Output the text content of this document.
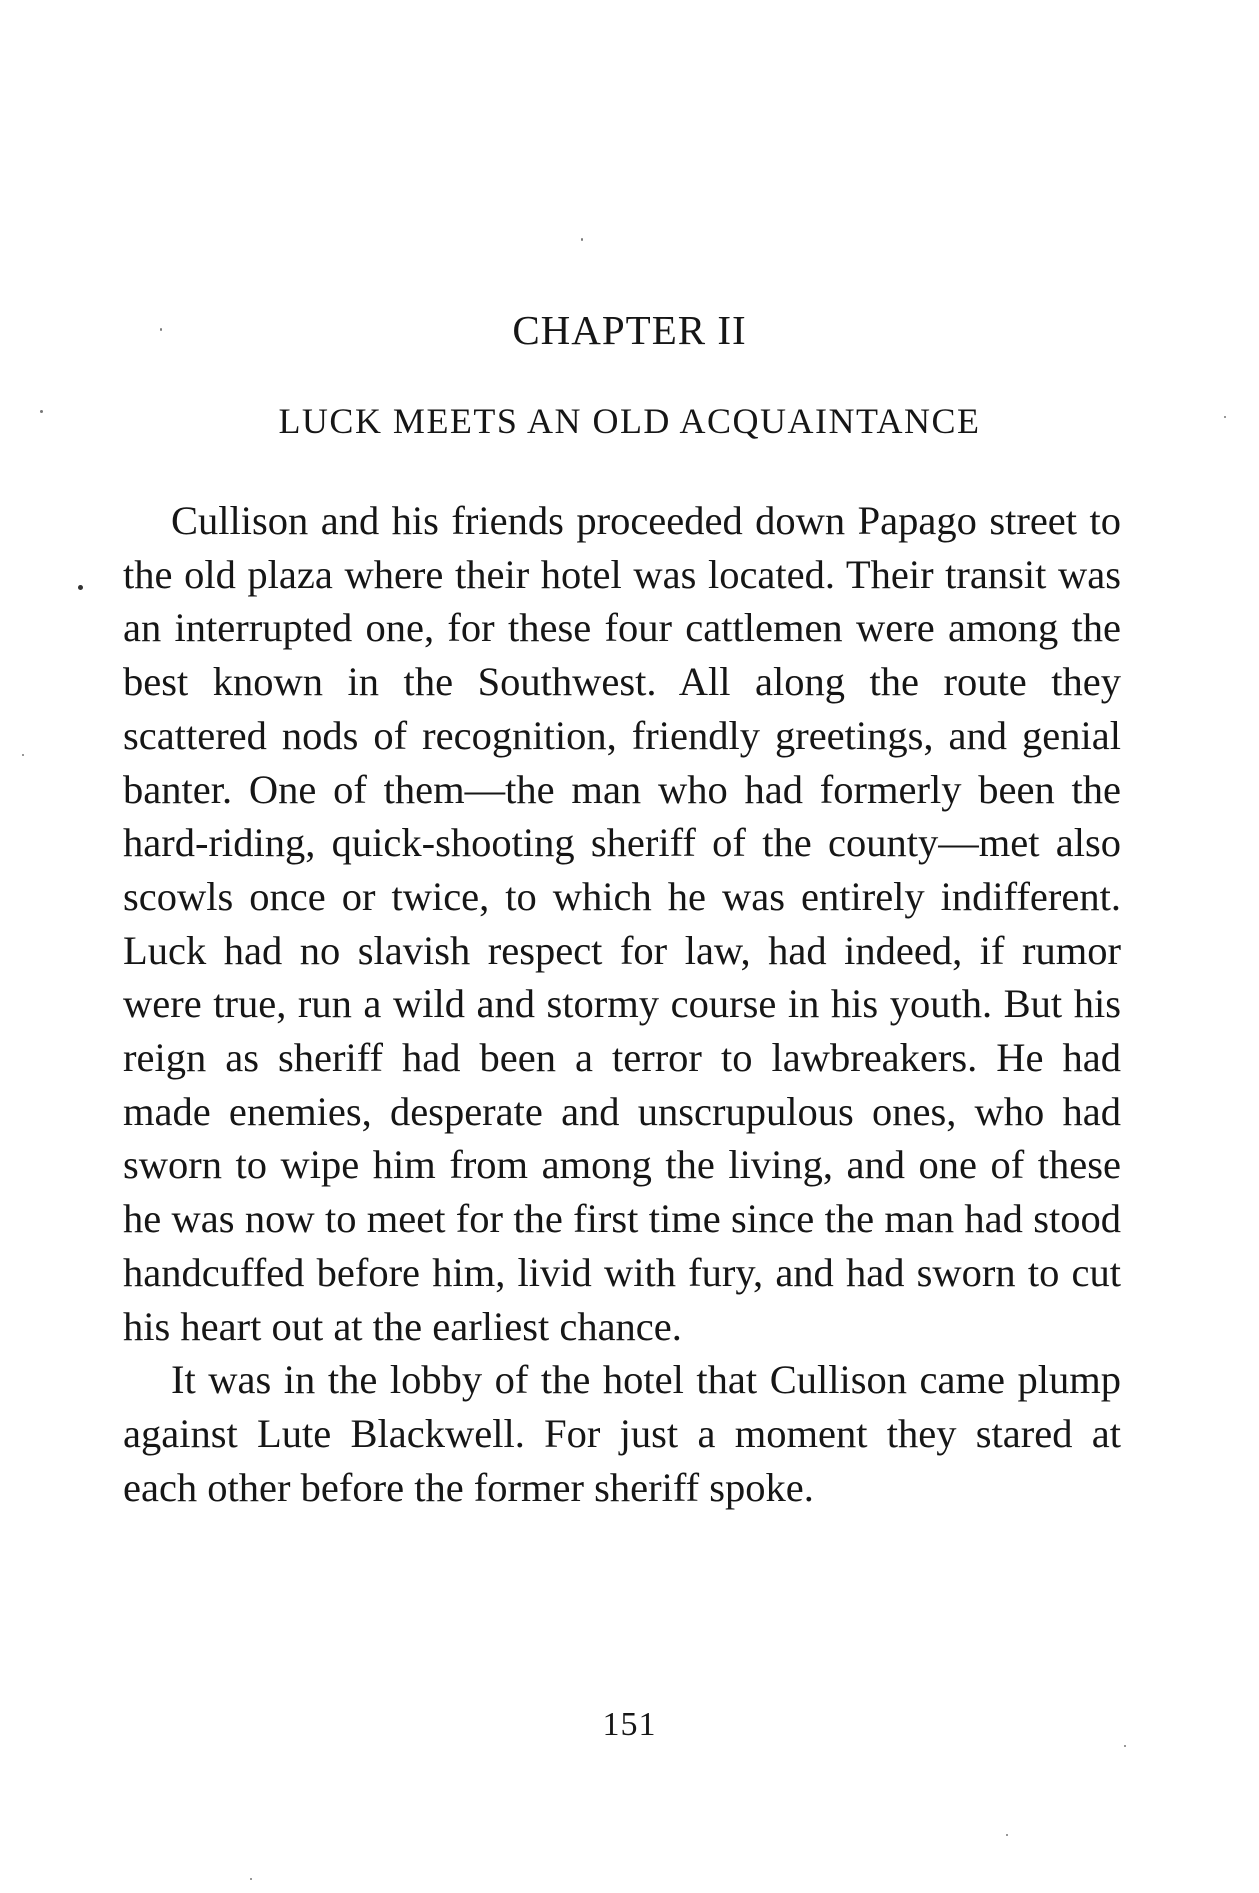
CHAPTER II
LUCK MEETS AN OLD ACQUAINTANCE

Cullison and his friends proceeded down Papago street to the old plaza where their hotel was located. Their transit was an interrupted one, for these four cattlemen were among the best known in the Southwest. All along the route they scattered nods of recognition, friendly greetings, and genial banter. One of them—the man who had formerly been the hard-riding, quick-shooting sheriff of the county—met also scowls once or twice, to which he was entirely indifferent. Luck had no slavish respect for law, had indeed, if rumor were true, run a wild and stormy course in his youth. But his reign as sheriff had been a terror to lawbreakers. He had made enemies, desperate and unscrupulous ones, who had sworn to wipe him from among the living, and one of these he was now to meet for the first time since the man had stood handcuffed before him, livid with fury, and had sworn to cut his heart out at the earliest chance.

It was in the lobby of the hotel that Cullison came plump against Lute Blackwell. For just a moment they stared at each other before the former sheriff spoke.

151
